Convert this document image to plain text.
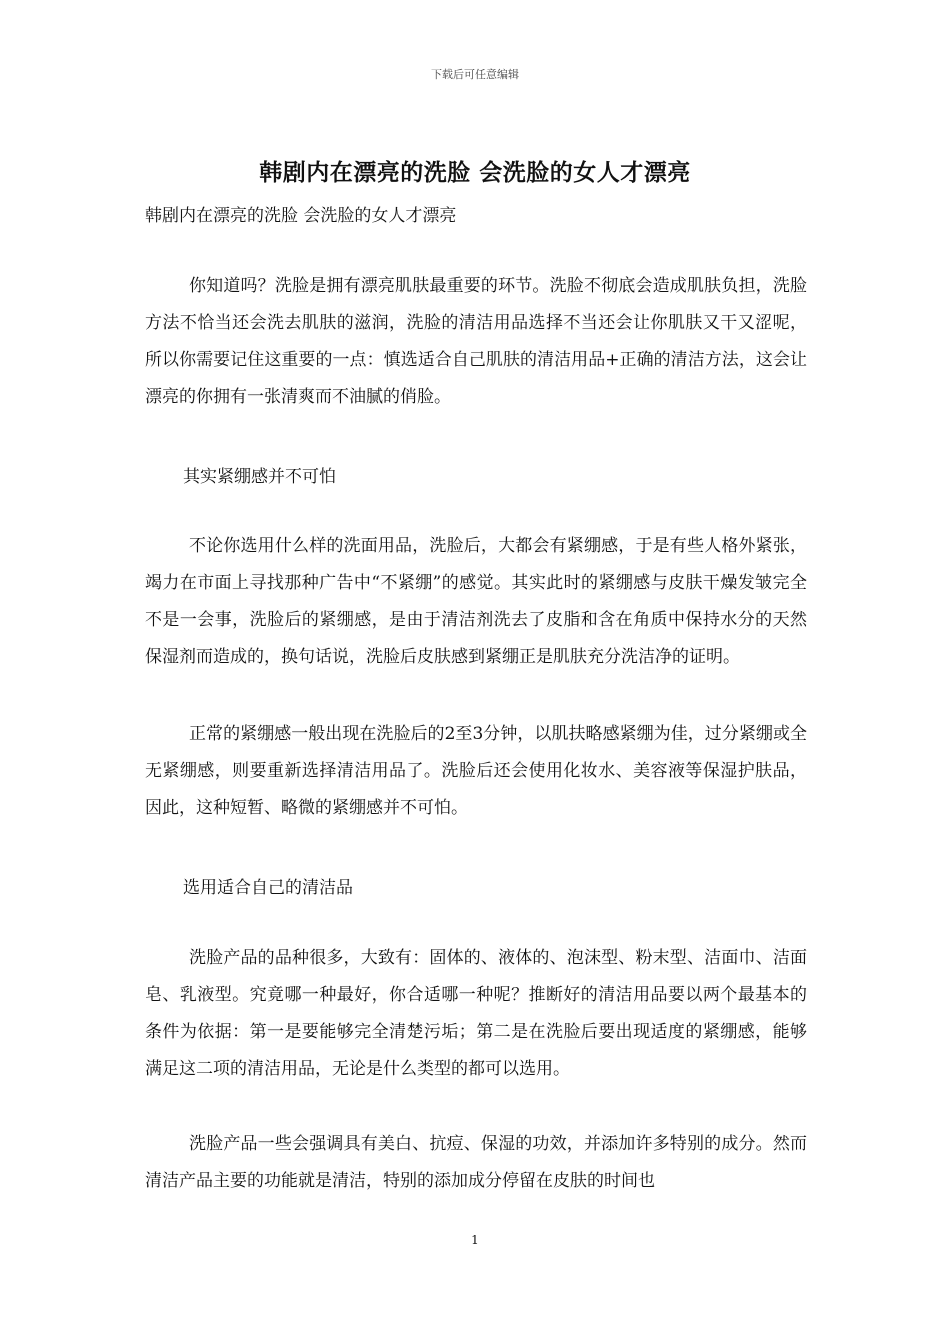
下载后可任意编辑
韩剧内在漂亮的洗脸 会洗脸的女人才漂亮

韩剧内在漂亮的洗脸 会洗脸的女人才漂亮

你知道吗？洗脸是拥有漂亮肌肤最重要的环节。洗脸不彻底会造成肌肤负担，洗脸方法不恰当还会洗去肌肤的滋润，洗脸的清洁用品选择不当还会让你肌肤又干又涩呢，所以你需要记住这重要的一点：慎选适合自己肌肤的清洁用品+正确的清洁方法，这会让漂亮的你拥有一张清爽而不油腻的俏脸。

其实紧绷感并不可怕

不论你选用什么样的洗面用品，洗脸后，大都会有紧绷感，于是有些人格外紧张，竭力在市面上寻找那种广告中“不紧绷”的感觉。其实此时的紧绷感与皮肤干燥发皱完全不是一会事，洗脸后的紧绷感，是由于清洁剂洗去了皮脂和含在角质中保持水分的天然保湿剂而造成的，换句话说，洗脸后皮肤感到紧绷正是肌肤充分洗洁净的证明。

正常的紧绷感一般出现在洗脸后的2至3分钟，以肌扶略感紧绷为佳，过分紧绷或全无紧绷感，则要重新选择清洁用品了。洗脸后还会使用化妆水、美容液等保湿护肤品，因此，这种短暂、略微的紧绷感并不可怕。

选用适合自己的清洁品

洗脸产品的品种很多，大致有：固体的、液体的、泡沫型、粉末型、洁面巾、洁面皂、乳液型。究竟哪一种最好，你合适哪一种呢？推断好的清洁用品要以两个最基本的条件为依据：第一是要能够完全清楚污垢；第二是在洗脸后要出现适度的紧绷感，能够满足这二项的清洁用品，无论是什么类型的都可以选用。

洗脸产品一些会强调具有美白、抗痘、保湿的功效，并添加许多特别的成分。然而清洁产品主要的功能就是清洁，特别的添加成分停留在皮肤的时间也

1
